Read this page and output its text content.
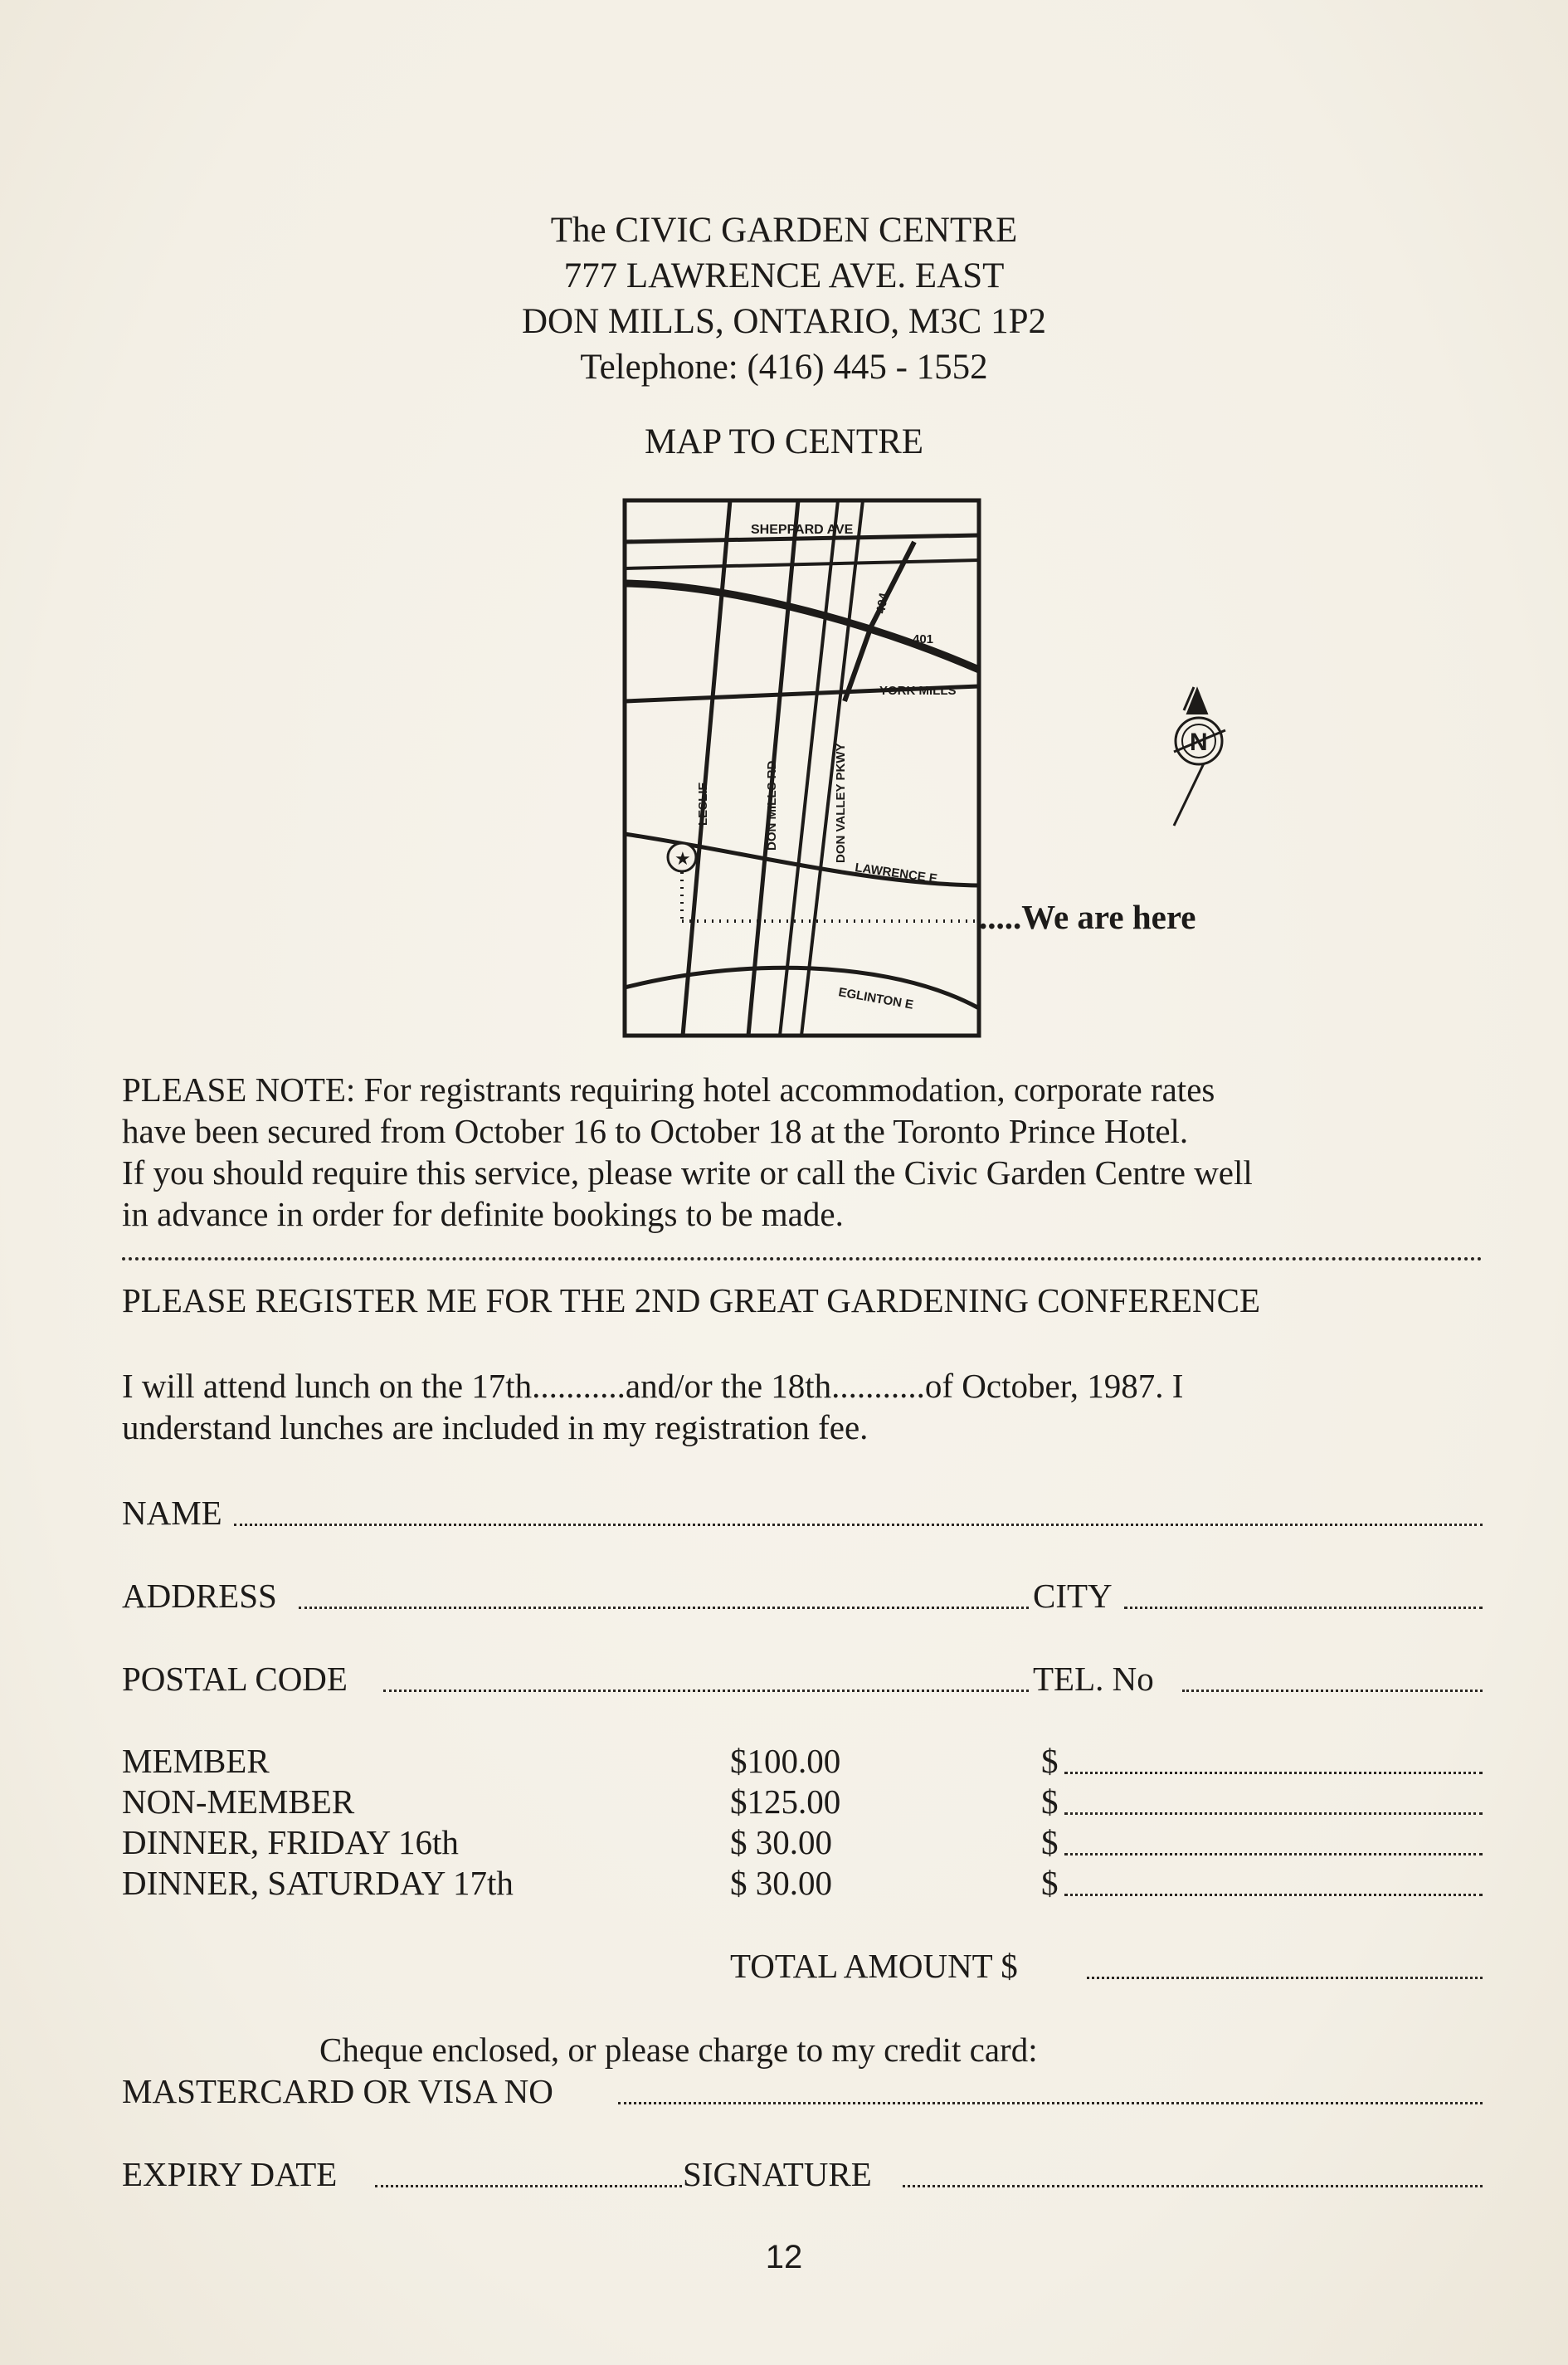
The CIVIC GARDEN CENTRE
777 LAWRENCE AVE. EAST
DON MILLS, ONTARIO, M3C 1P2
Telephone: (416) 445 - 1552
MAP TO CENTRE
SHEPPARD AVE
401
YORK MILLS
LAWRENCE E
EGLINTON E
LESLIE	DON MILLS RD	DON VALLEY PKWY
404
★
N
.....We are here
PLEASE NOTE: For registrants requiring hotel accommodation, corporate rates
have been secured from October 16 to October 18 at the Toronto Prince Hotel.
If you should require this service, please write or call the Civic Garden Centre well
in advance in order for definite bookings to be made.
PLEASE REGISTER ME FOR THE 2ND GREAT GARDENING CONFERENCE
I will attend lunch on the 17th...........and/or the 18th...........of October, 1987. I
understand lunches are included in my registration fee.
NAME
ADDRESS	CITY
POSTAL CODE	TEL. No
MEMBER	$100.00	$
NON-MEMBER	$125.00	$
DINNER, FRIDAY 16th	$ 30.00	$
DINNER, SATURDAY 17th	$ 30.00	$
TOTAL AMOUNT $
Cheque enclosed, or please charge to my credit card:
MASTERCARD OR VISA NO
EXPIRY DATE	SIGNATURE
12
